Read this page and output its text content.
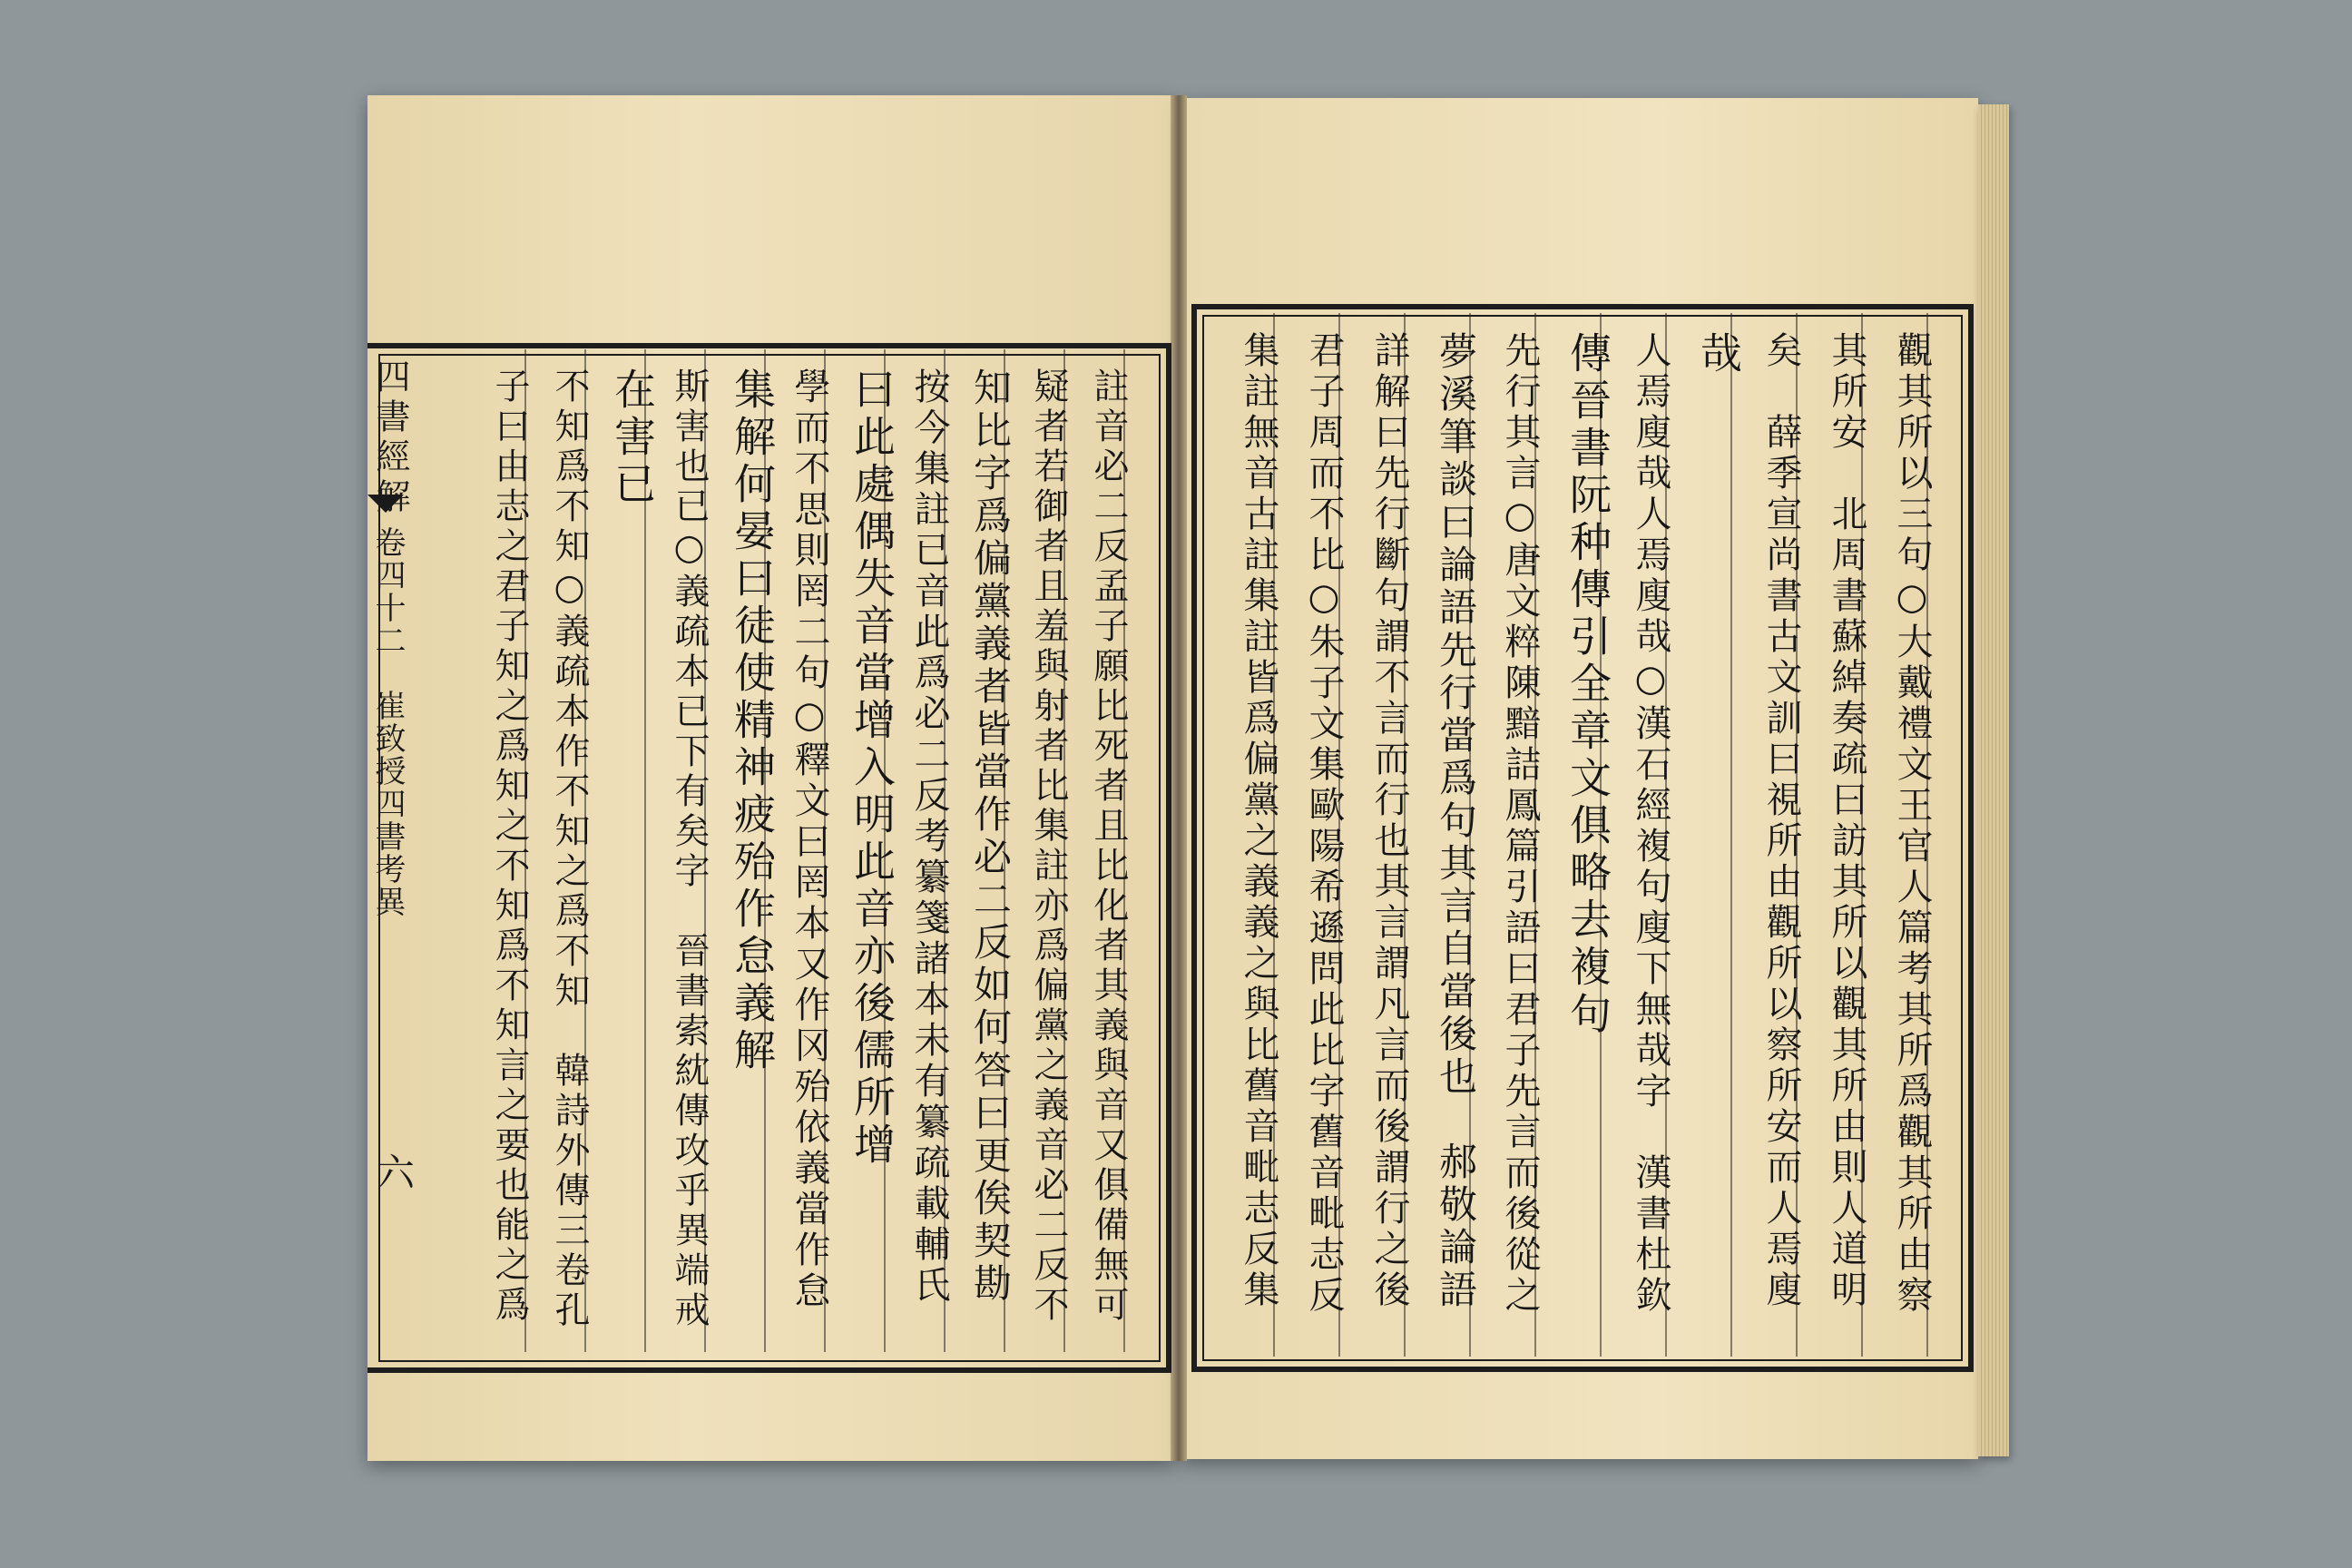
四書經解
卷四十二　崔致授四書考異
六	註音必二反孟子願比死者且比化者其義與音又俱備無可
疑者若御者且羞與射者比集註亦爲偏黨之義音必二反不
知比字爲偏黨義者皆當作必二反如何答曰更俟契勘
按今集註已音此爲必二反考纂箋諸本未有纂疏載輔氏
曰此處偶失音當增入明此音亦後儒所增
學而不思則罔二句○釋文曰罔本又作冈殆依義當作怠
集解何晏曰徒使精神疲殆作怠義解
斯害也已○義疏本已下有矣字　晉書索紞傳攻乎異端戒
在害已
不知爲不知○義疏本作不知之爲不知　韓詩外傳三卷孔
子曰由志之君子知之爲知之不知爲不知言之要也能之爲	觀其所以三句○大戴禮文王官人篇考其所爲觀其所由察
其所安　北周書蘇綽奏疏曰訪其所以觀其所由則人道明
矣　薛季宣尚書古文訓曰視所由觀所以察所安而人焉廋
哉
人焉廋哉人焉廋哉○漢石經複句廋下無哉字　漢書杜欽
傳晉書阮种傳引全章文俱略去複句
先行其言○唐文粹陳黯詰鳳篇引語曰君子先言而後從之
夢溪筆談曰論語先行當爲句其言自當後也　郝敬論語
詳解曰先行斷句謂不言而行也其言謂凡言而後謂行之後
君子周而不比○朱子文集歐陽希遜問此比字舊音毗志反
集註無音古註集註皆爲偏黨之義義之與比舊音毗志反集
